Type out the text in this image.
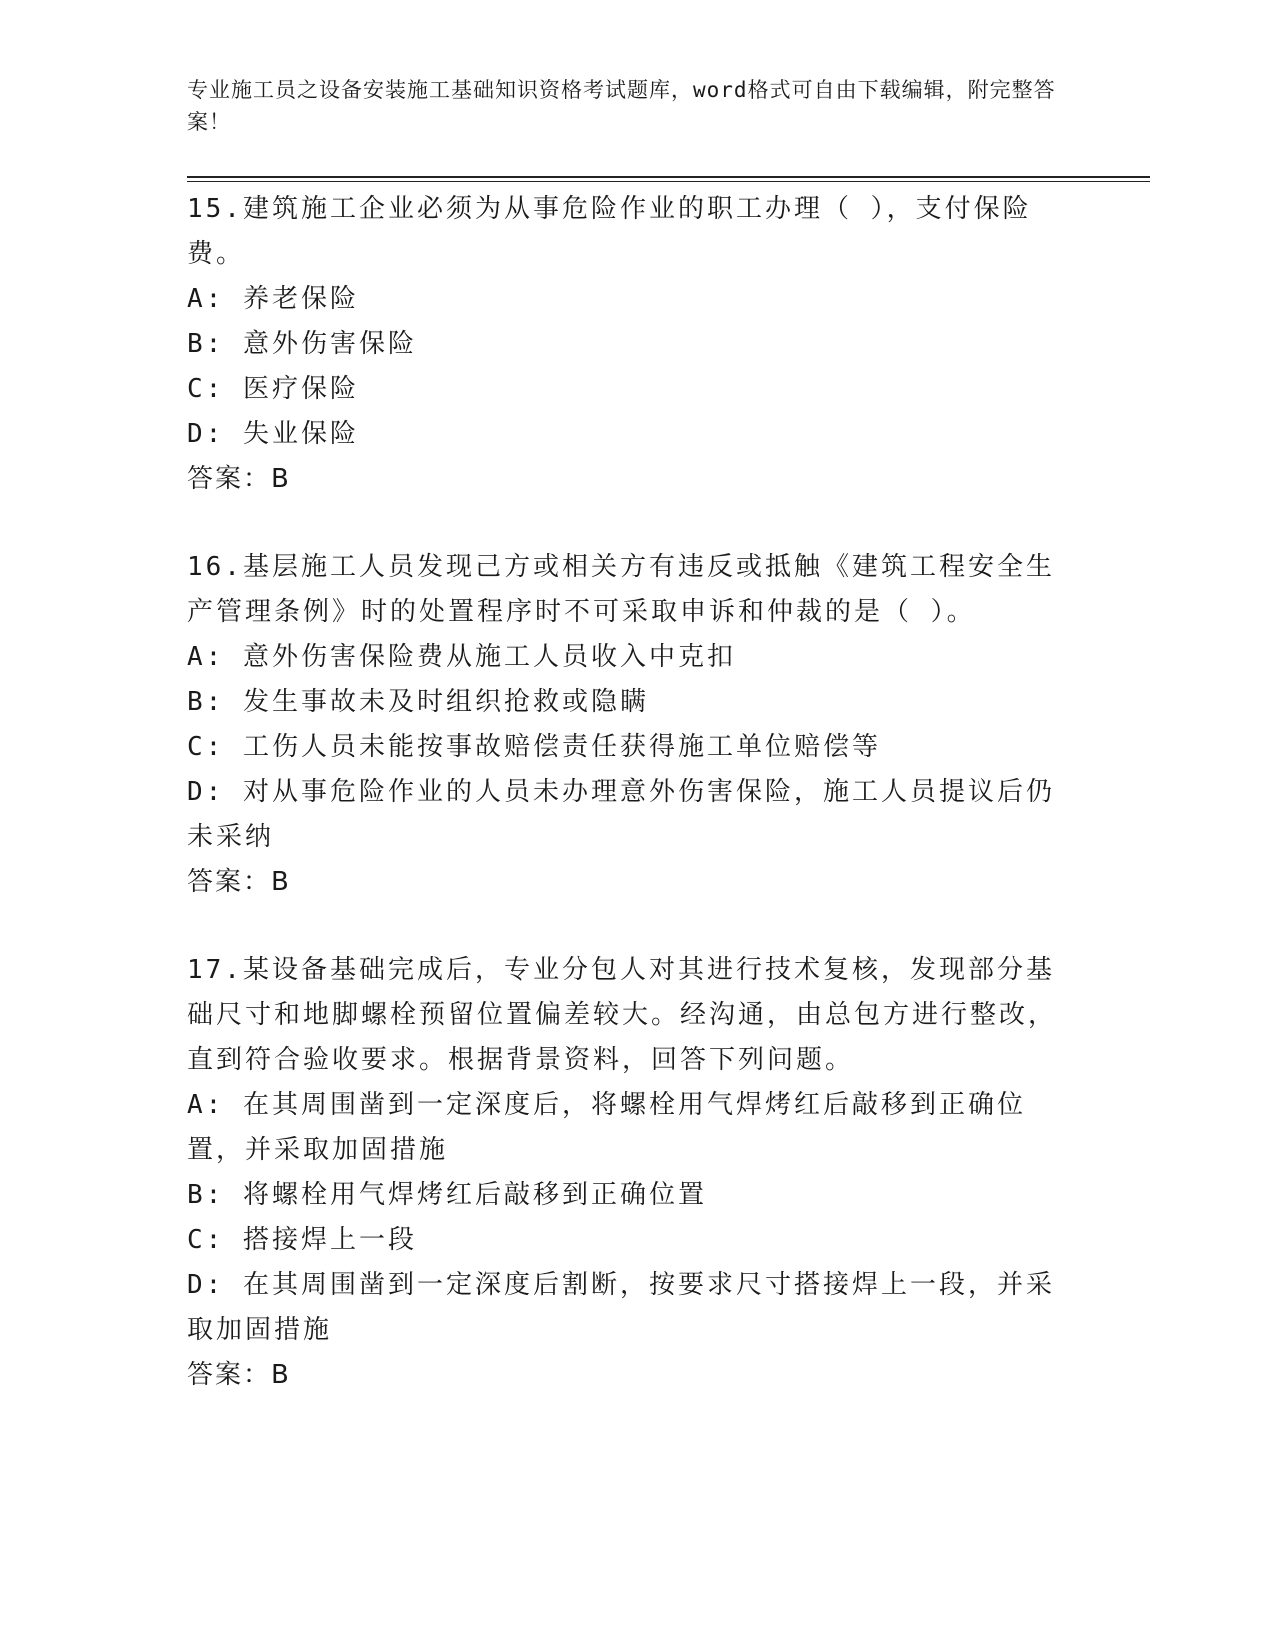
专业施工员之设备安装施工基础知识资格考试题库，word格式可自由下载编辑，附完整答案！

15.建筑施工企业必须为从事危险作业的职工办理（ ），支付保险费。

A: 养老保险

B: 意外伤害保险

C: 医疗保险

D: 失业保险

答案：B

16.基层施工人员发现己方或相关方有违反或抵触《建筑工程安全生产管理条例》时的处置程序时不可采取申诉和仲裁的是（ ）。

A: 意外伤害保险费从施工人员收入中克扣

B: 发生事故未及时组织抢救或隐瞒

C: 工伤人员未能按事故赔偿责任获得施工单位赔偿等

D: 对从事危险作业的人员未办理意外伤害保险，施工人员提议后仍未采纳

答案：B

17.某设备基础完成后，专业分包人对其进行技术复核，发现部分基础尺寸和地脚螺栓预留位置偏差较大。经沟通，由总包方进行整改，直到符合验收要求。根据背景资料，回答下列问题。

A: 在其周围凿到一定深度后，将螺栓用气焊烤红后敲移到正确位置，并采取加固措施

B: 将螺栓用气焊烤红后敲移到正确位置

C: 搭接焊上一段

D: 在其周围凿到一定深度后割断，按要求尺寸搭接焊上一段，并采取加固措施

答案：B
